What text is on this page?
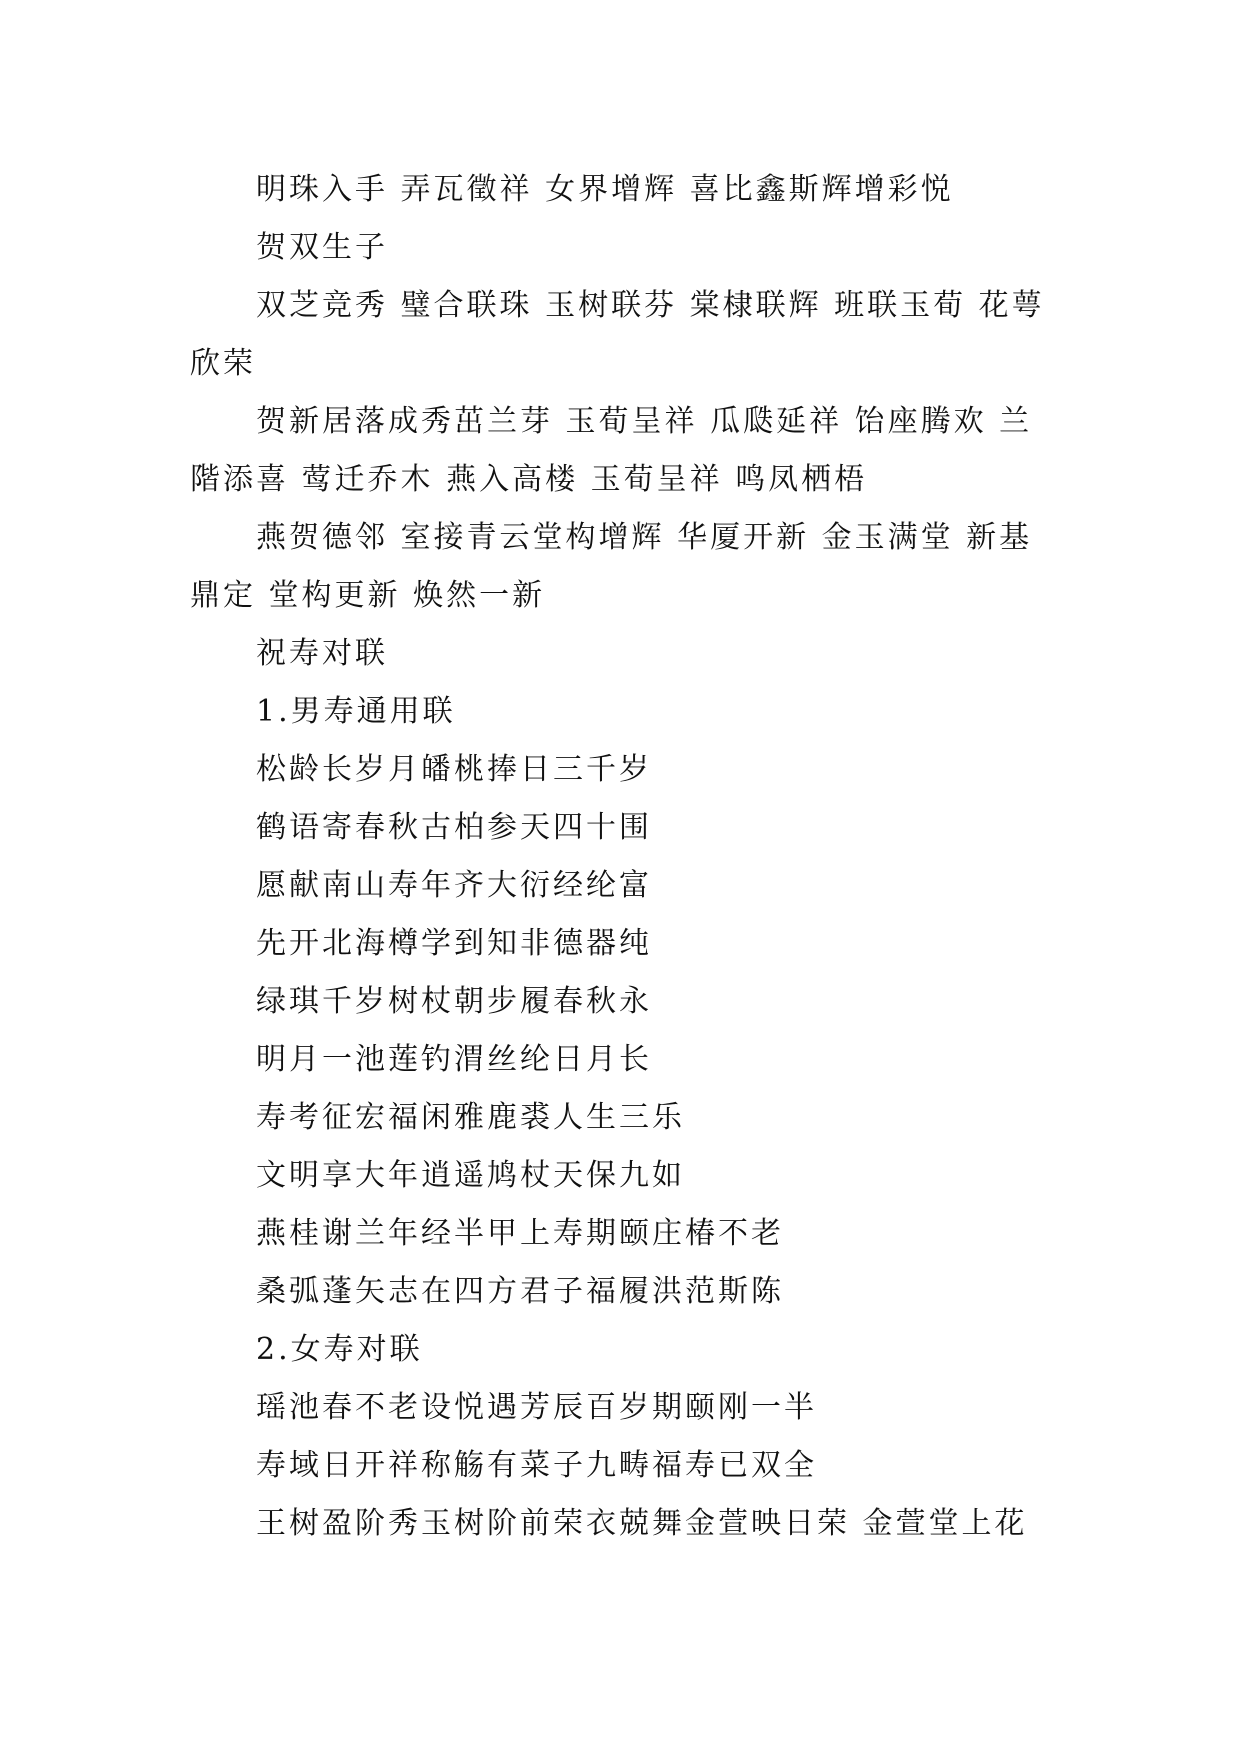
明珠入手 弄瓦徵祥 女界增辉 喜比鑫斯辉增彩悦

贺双生子

双芝竞秀 璧合联珠 玉树联芬 棠棣联辉 班联玉荀 花萼欣荣

贺新居落成秀茁兰芽 玉荀呈祥 瓜瓞延祥 饴座腾欢 兰階添喜 莺迁乔木 燕入高楼 玉荀呈祥 鸣凤栖梧

燕贺德邻 室接青云堂构增辉 华厦开新 金玉满堂 新基鼎定 堂构更新 焕然一新

祝寿对联

1.男寿通用联

松龄长岁月皤桃捧日三千岁

鹤语寄春秋古柏参天四十围

愿献南山寿年齐大衍经纶富

先开北海樽学到知非德器纯

绿琪千岁树杖朝步履春秋永

明月一池莲钓渭丝纶日月长

寿考征宏福闲雅鹿裘人生三乐

文明享大年逍遥鸠杖天保九如

燕桂谢兰年经半甲上寿期颐庄椿不老

桑弧蓬矢志在四方君子福履洪范斯陈

2.女寿对联

瑶池春不老设悦遇芳辰百岁期颐刚一半

寿域日开祥称觞有菜子九畴福寿已双全

王树盈阶秀玉树阶前荣衣兢舞金萱映日荣 金萱堂上花
